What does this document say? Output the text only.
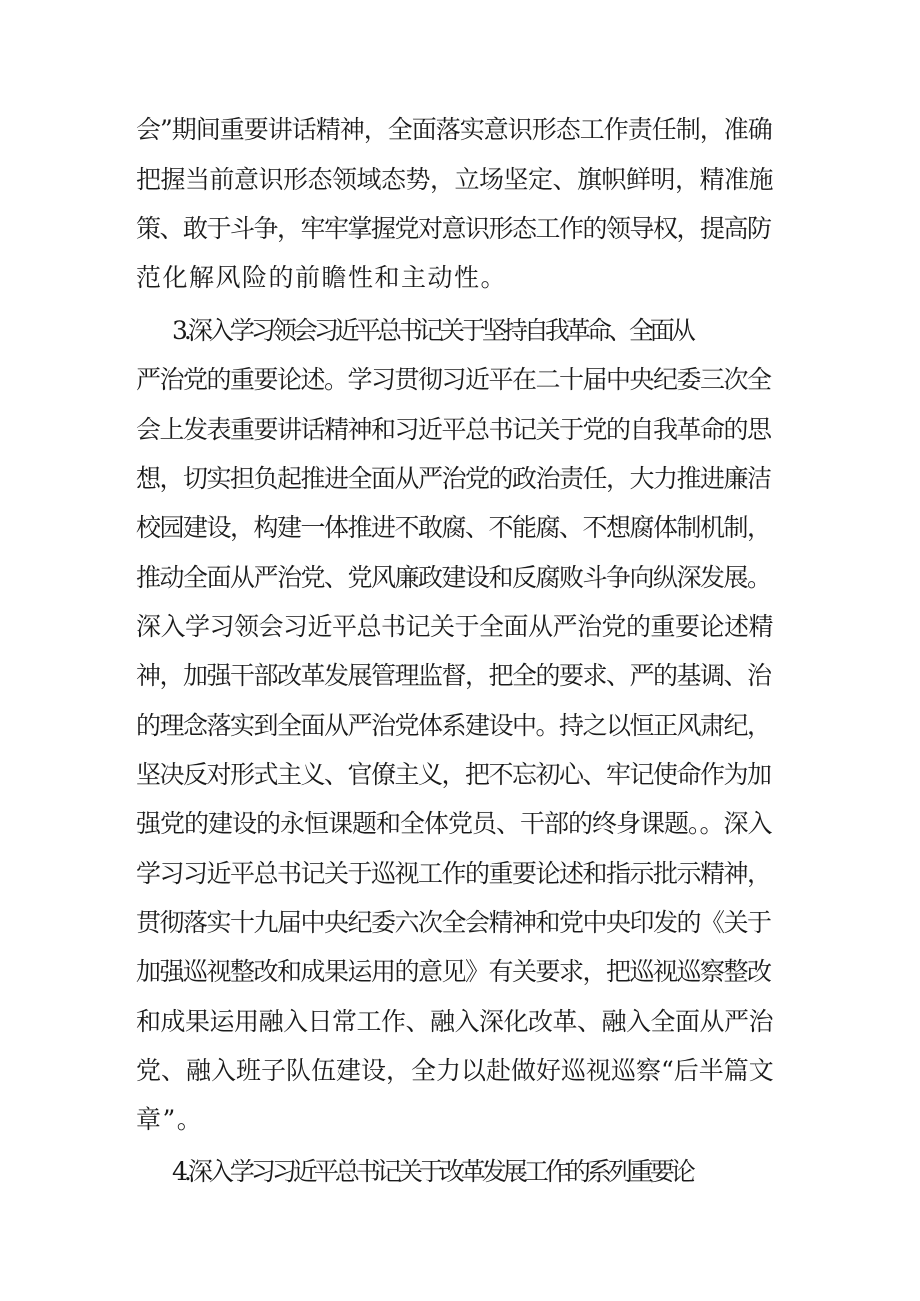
会”期间重要讲话精神，全面落实意识形态工作责任制，准确
把握当前意识形态领域态势，立场坚定、旗帜鲜明，精准施
策、敢于斗争，牢牢掌握党对意识形态工作的领导权，提高防
范化解风险的前瞻性和主动性。
3.深入学习领会习近平总书记关于坚持自我革命、全面从
严治党的重要论述。学习贯彻习近平在二十届中央纪委三次全
会上发表重要讲话精神和习近平总书记关于党的自我革命的思
想，切实担负起推进全面从严治党的政治责任，大力推进廉洁
校园建设，构建一体推进不敢腐、不能腐、不想腐体制机制，
推动全面从严治党、党风廉政建设和反腐败斗争向纵深发展。
深入学习领会习近平总书记关于全面从严治党的重要论述精
神，加强干部改革发展管理监督，把全的要求、严的基调、治
的理念落实到全面从严治党体系建设中。持之以恒正风肃纪，
坚决反对形式主义、官僚主义，把不忘初心、牢记使命作为加
强党的建设的永恒课题和全体党员、干部的终身课题。。深入
学习习近平总书记关于巡视工作的重要论述和指示批示精神，
贯彻落实十九届中央纪委六次全会精神和党中央印发的《关于
加强巡视整改和成果运用的意见》有关要求，把巡视巡察整改
和成果运用融入日常工作、融入深化改革、融入全面从严治
党、融入班子队伍建设，全力以赴做好巡视巡察“后半篇文
章”。
4.深入学习习近平总书记关于改革发展工作的系列重要论
